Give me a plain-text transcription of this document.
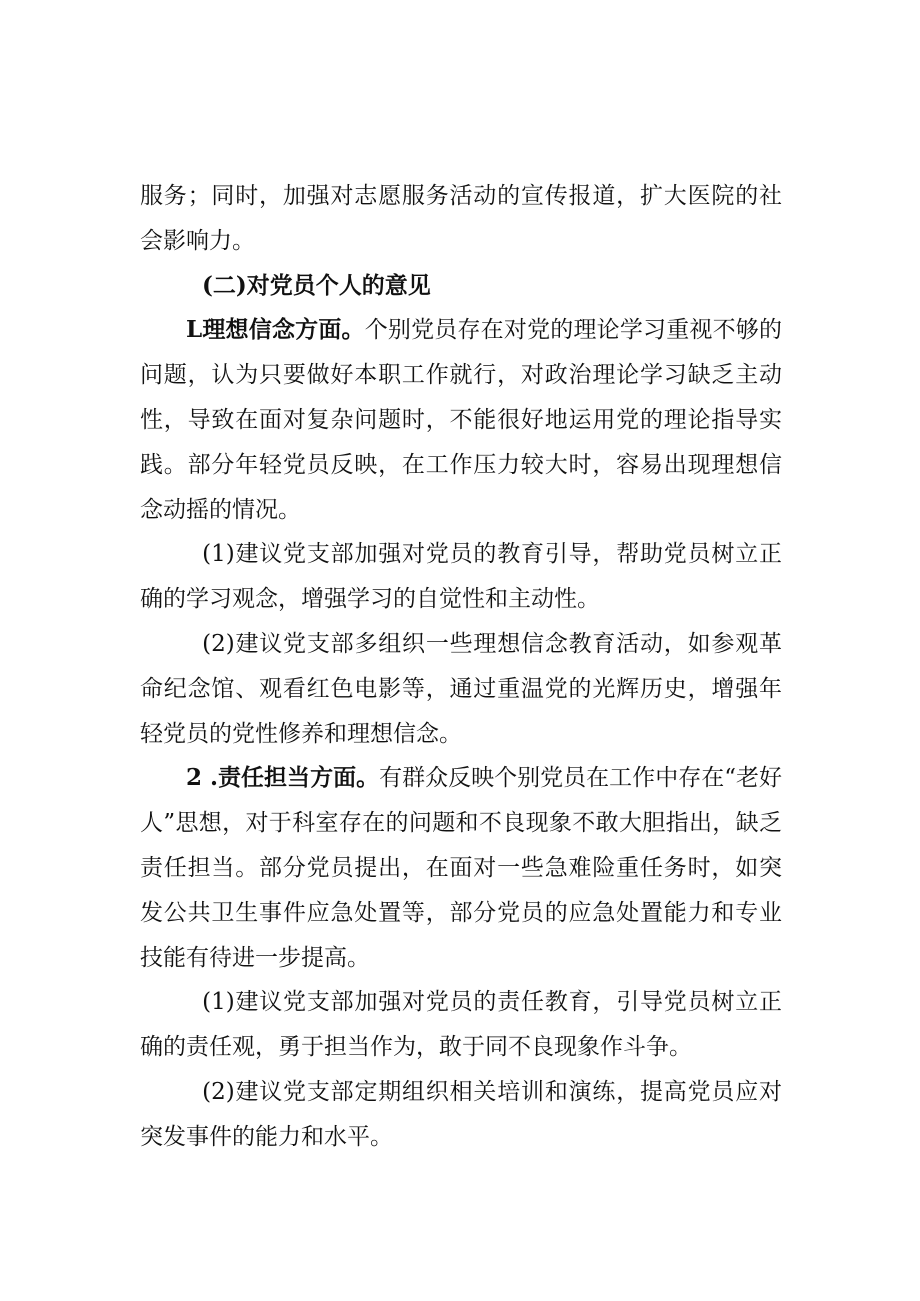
服务；同时，加强对志愿服务活动的宣传报道，扩大医院的社会影响力。

(二)对党员个人的意见

L理想信念方面。个别党员存在对党的理论学习重视不够的问题，认为只要做好本职工作就行，对政治理论学习缺乏主动性，导致在面对复杂问题时，不能很好地运用党的理论指导实践。部分年轻党员反映，在工作压力较大时，容易出现理想信念动摇的情况。

(1)建议党支部加强对党员的教育引导，帮助党员树立正确的学习观念，增强学习的自觉性和主动性。

(2)建议党支部多组织一些理想信念教育活动，如参观革命纪念馆、观看红色电影等，通过重温党的光辉历史，增强年轻党员的党性修养和理想信念。

2 .责任担当方面。有群众反映个别党员在工作中存在“老好人”思想，对于科室存在的问题和不良现象不敢大胆指出，缺乏责任担当。部分党员提出，在面对一些急难险重任务时，如突发公共卫生事件应急处置等，部分党员的应急处置能力和专业技能有待进一步提高。

(1)建议党支部加强对党员的责任教育，引导党员树立正确的责任观，勇于担当作为，敢于同不良现象作斗争。

(2)建议党支部定期组织相关培训和演练，提高党员应对突发事件的能力和水平。
